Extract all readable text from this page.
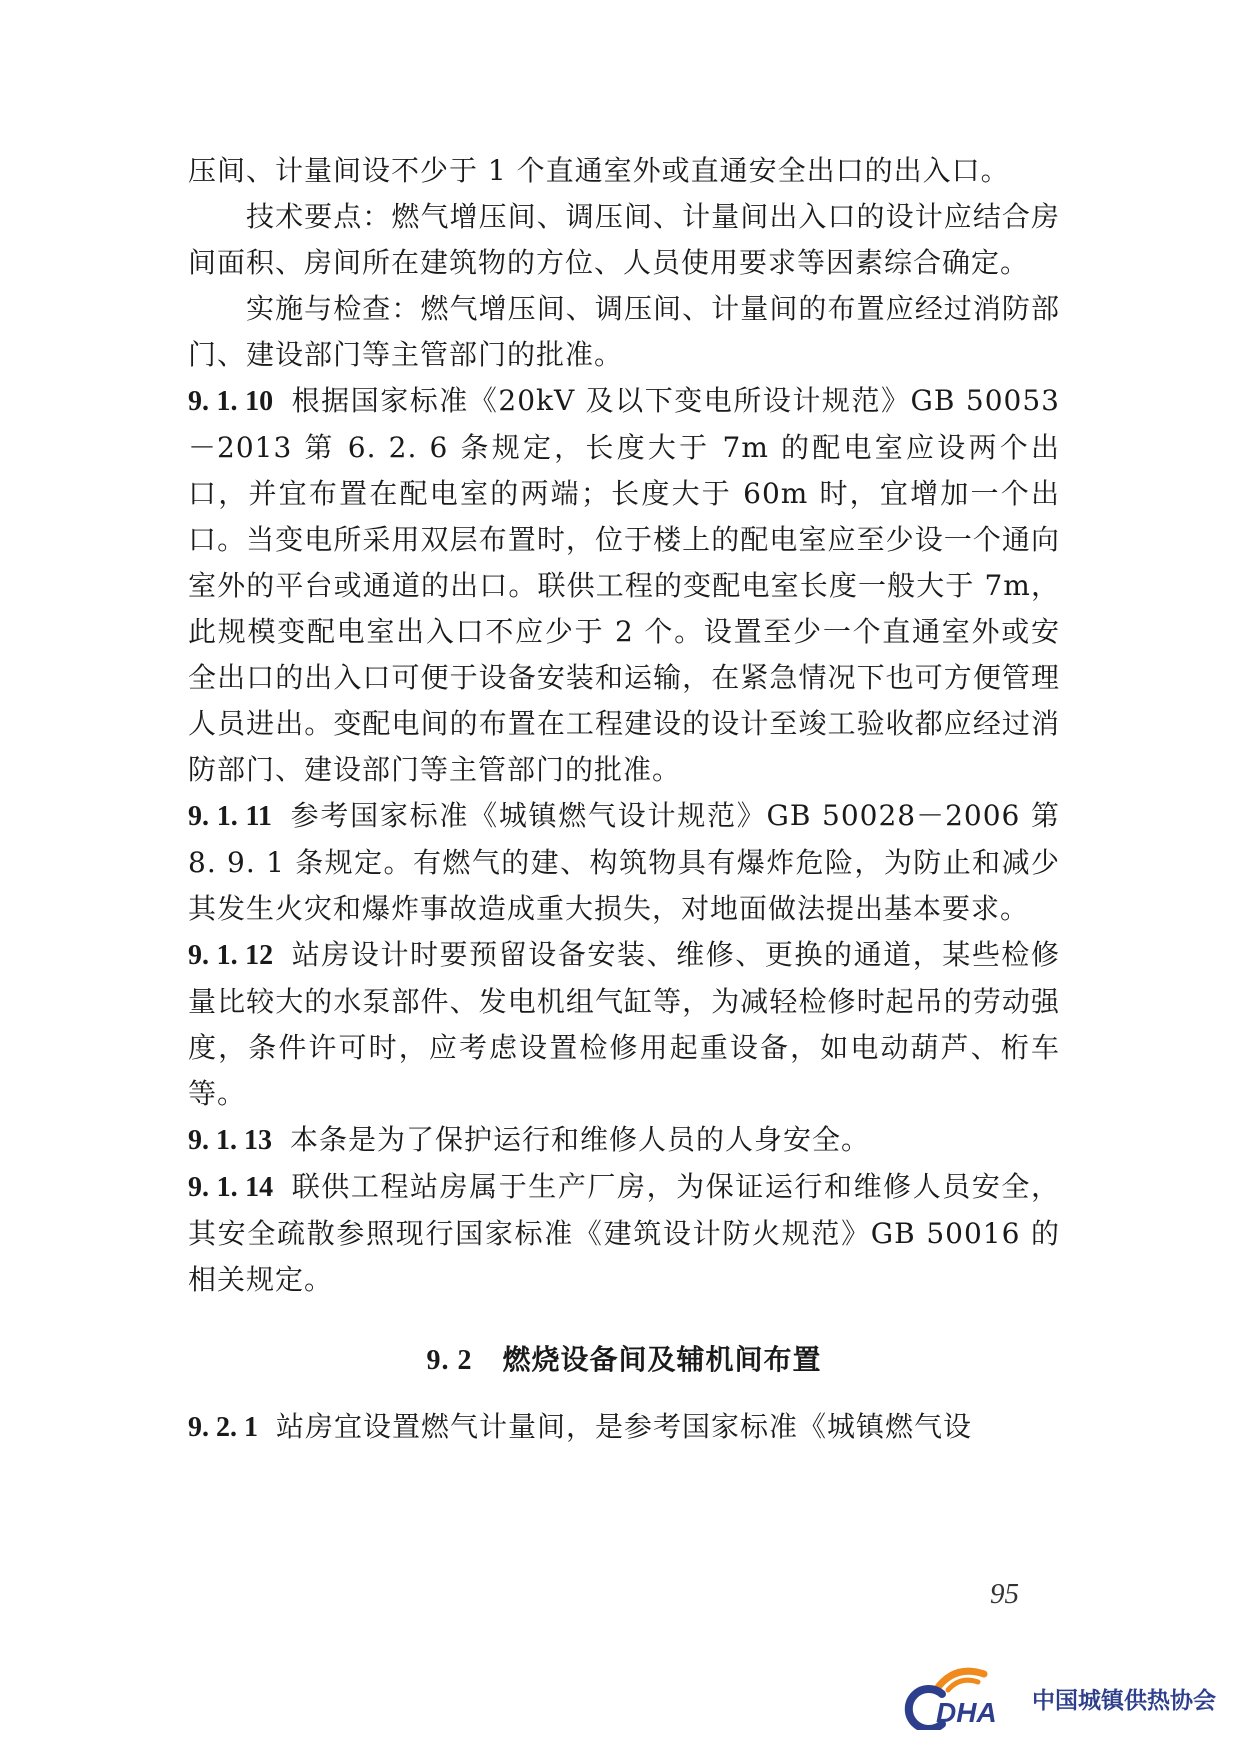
压间、计量间设不少于 1 个直通室外或直通安全出口的出入口。

技术要点：燃气增压间、调压间、计量间出入口的设计应结合房间面积、房间所在建筑物的方位、人员使用要求等因素综合确定。

实施与检查：燃气增压间、调压间、计量间的布置应经过消防部门、建设部门等主管部门的批准。

9. 1. 10 根据国家标准《20kV 及以下变电所设计规范》GB 50053－2013 第 6. 2. 6 条规定，长度大于 7m 的配电室应设两个出口，并宜布置在配电室的两端；长度大于 60m 时，宜增加一个出口。当变电所采用双层布置时，位于楼上的配电室应至少设一个通向室外的平台或通道的出口。联供工程的变配电室长度一般大于 7m，此规模变配电室出入口不应少于 2 个。设置至少一个直通室外或安全出口的出入口可便于设备安装和运输，在紧急情况下也可方便管理人员进出。变配电间的布置在工程建设的设计至竣工验收都应经过消防部门、建设部门等主管部门的批准。

9. 1. 11 参考国家标准《城镇燃气设计规范》GB 50028－2006 第 8. 9. 1 条规定。有燃气的建、构筑物具有爆炸危险，为防止和减少其发生火灾和爆炸事故造成重大损失，对地面做法提出基本要求。

9. 1. 12 站房设计时要预留设备安装、维修、更换的通道，某些检修量比较大的水泵部件、发电机组气缸等，为减轻检修时起吊的劳动强度，条件许可时，应考虑设置检修用起重设备，如电动葫芦、桁车等。

9. 1. 13 本条是为了保护运行和维修人员的人身安全。

9. 1. 14 联供工程站房属于生产厂房，为保证运行和维修人员安全，其安全疏散参照现行国家标准《建筑设计防火规范》GB 50016 的相关规定。

9. 2 燃烧设备间及辅机间布置

9. 2. 1 站房宜设置燃气计量间，是参考国家标准《城镇燃气设

95
DHA 中国城镇供热协会
